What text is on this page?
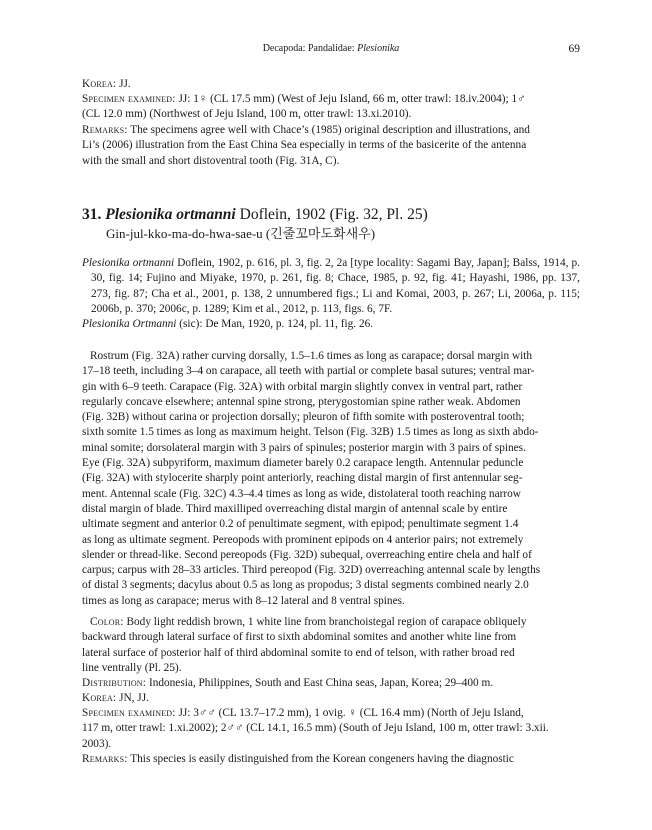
Decapoda: Pandalidae: Plesionika	69

Korea: JJ.

Specimen examined: JJ: 1♀ (CL 17.5 mm) (West of Jeju Island, 66 m, otter trawl: 18.iv.2004); 1♂

(CL 12.0 mm) (Northwest of Jeju Island, 100 m, otter trawl: 13.xi.2010).

Remarks: The specimens agree well with Chace’s (1985) original description and illustrations, and

Li’s (2006) illustration from the East China Sea especially in terms of the basicerite of the antenna

with the small and short distoventral tooth (Fig. 31A, C).

31. Plesionika ortmanni Doflein, 1902 (Fig. 32, Pl. 25)
Gin-jul-kko-ma-do-hwa-sae-u (긴줄꼬마도화새우)

Plesionika ortmanni Doflein, 1902, p. 616, pl. 3, fig. 2, 2a [type locality: Sagami Bay, Japan]; Balss, 1914, p. 30, fig. 14; Fujino and Miyake, 1970, p. 261, fig. 8; Chace, 1985, p. 92, fig. 41; Hayashi, 1986, pp. 137, 273, fig. 87; Cha et al., 2001, p. 138, 2 unnumbered figs.; Li and Komai, 2003, p. 267; Li, 2006a, p. 115; 2006b, p. 370; 2006c, p. 1289; Kim et al., 2012, p. 113, figs. 6, 7F.

Plesionika Ortmanni (sic): De Man, 1920, p. 124, pl. 11, fig. 26.

Rostrum (Fig. 32A) rather curving dorsally, 1.5–1.6 times as long as carapace; dorsal margin with

17–18 teeth, including 3–4 on carapace, all teeth with partial or complete basal sutures; ventral mar-

gin with 6–9 teeth. Carapace (Fig. 32A) with orbital margin slightly convex in ventral part, rather

regularly concave elsewhere; antennal spine strong, pterygostomian spine rather weak. Abdomen

(Fig. 32B) without carina or projection dorsally; pleuron of fifth somite with posteroventral tooth;

sixth somite 1.5 times as long as maximum height. Telson (Fig. 32B) 1.5 times as long as sixth abdo-

minal somite; dorsolateral margin with 3 pairs of spinules; posterior margin with 3 pairs of spines.

Eye (Fig. 32A) subpyriform, maximum diameter barely 0.2 carapace length. Antennular peduncle

(Fig. 32A) with stylocerite sharply point anteriorly, reaching distal margin of first antennular seg-

ment. Antennal scale (Fig. 32C) 4.3–4.4 times as long as wide, distolateral tooth reaching narrow

distal margin of blade. Third maxilliped overreaching distal margin of antennal scale by entire

ultimate segment and anterior 0.2 of penultimate segment, with epipod; penultimate segment 1.4

as long as ultimate segment. Pereopods with prominent epipods on 4 anterior pairs; not extremely

slender or thread-like. Second pereopods (Fig. 32D) subequal, overreaching entire chela and half of

carpus; carpus with 28–33 articles. Third pereopod (Fig. 32D) overreaching antennal scale by lengths

of distal 3 segments; dacylus about 0.5 as long as propodus; 3 distal segments combined nearly 2.0

times as long as carapace; merus with 8–12 lateral and 8 ventral spines.

Color: Body light reddish brown, 1 white line from branchoistegal region of carapace obliquely

backward through lateral surface of first to sixth abdominal somites and another white line from

lateral surface of posterior half of third abdominal somite to end of telson, with rather broad red

line ventrally (Pl. 25).

Distribution: Indonesia, Philippines, South and East China seas, Japan, Korea; 29–400 m.

Korea: JN, JJ.

Specimen examined: JJ: 3♂♂ (CL 13.7–17.2 mm), 1 ovig. ♀ (CL 16.4 mm) (North of Jeju Island,

117 m, otter trawl: 1.xi.2002); 2♂♂ (CL 14.1, 16.5 mm) (South of Jeju Island, 100 m, otter trawl: 3.xii.

2003).

Remarks: This species is easily distinguished from the Korean congeners having the diagnostic
